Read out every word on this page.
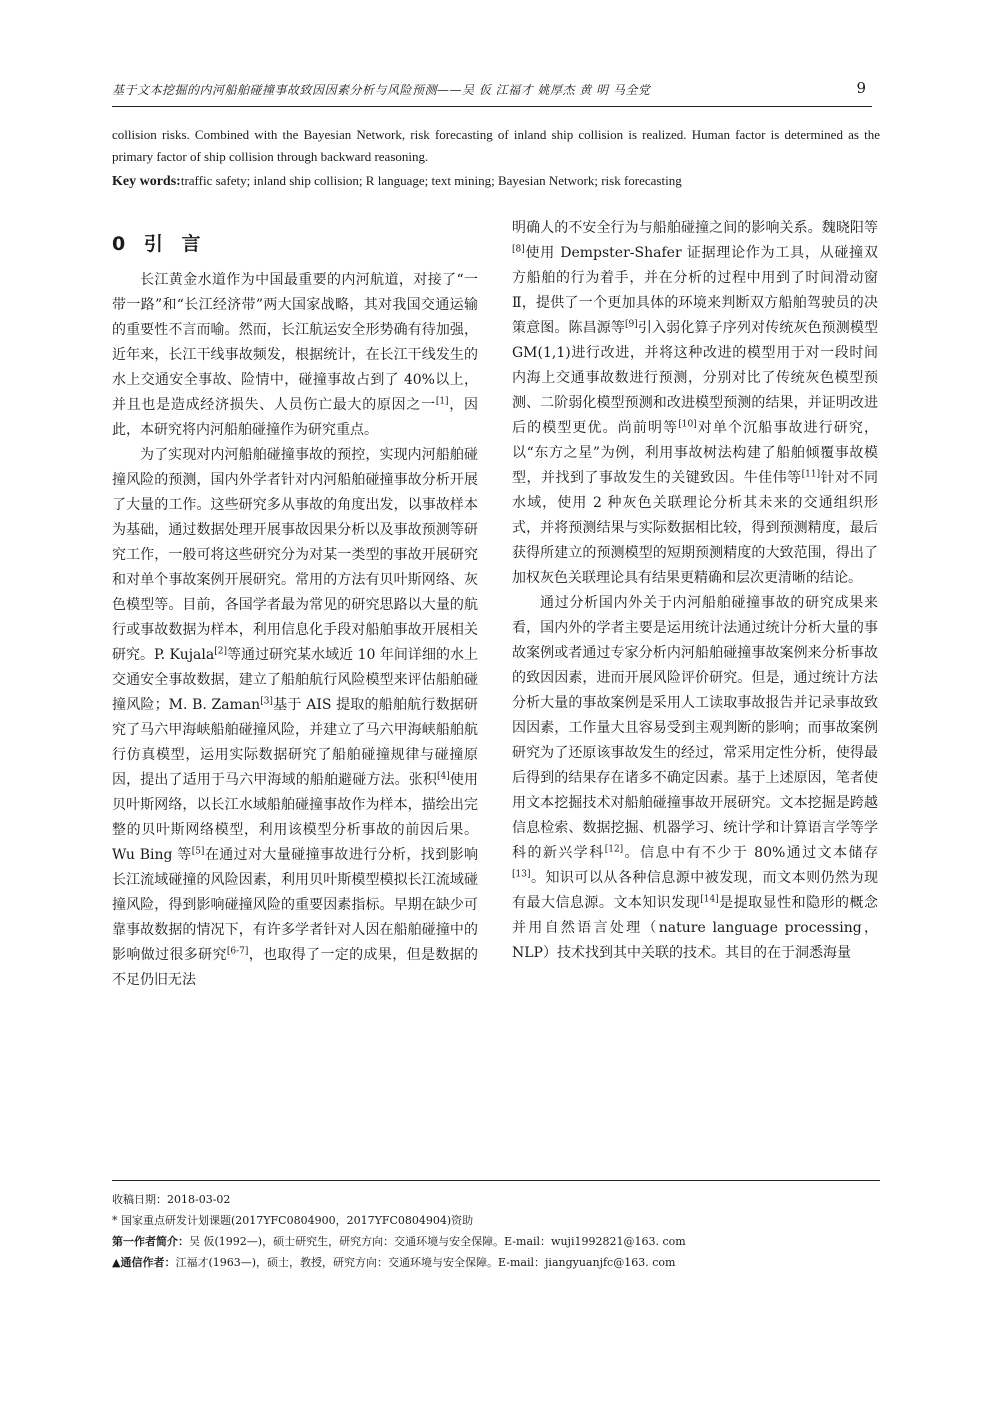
基于文本挖掘的内河船舶碰撞事故致因因素分析与风险预测——吴 仮 江福才 姚厚杰 黄 明 马全党	9
collision risks. Combined with the Bayesian Network, risk forecasting of inland ship collision is realized. Human factor is determined as the primary factor of ship collision through backward reasoning.
Key words:traffic safety; inland ship collision; R language; text mining; Bayesian Network; risk forecasting
0 引 言

长江黄金水道作为中国最重要的内河航道，对接了“一带一路”和“长江经济带”两大国家战略，其对我国交通运输的重要性不言而喻。然而，长江航运安全形势确有待加强，近年来，长江干线事故频发，根据统计，在长江干线发生的水上交通安全事故、险情中，碰撞事故占到了 40%以上，并且也是造成经济损失、人员伤亡最大的原因之一[1]，因此，本研究将内河船舶碰撞作为研究重点。

为了实现对内河船舶碰撞事故的预控，实现内河船舶碰撞风险的预测，国内外学者针对内河船舶碰撞事故分析开展了大量的工作。这些研究多从事故的角度出发，以事故样本为基础，通过数据处理开展事故因果分析以及事故预测等研究工作，一般可将这些研究分为对某一类型的事故开展研究和对单个事故案例开展研究。常用的方法有贝叶斯网络、灰色模型等。目前，各国学者最为常见的研究思路以大量的航行或事故数据为样本，利用信息化手段对船舶事故开展相关研究。P. Kujala[2]等通过研究某水域近 10 年间详细的水上交通安全事故数据，建立了船舶航行风险模型来评估船舶碰撞风险；M. B. Zaman[3]基于 AIS 提取的船舶航行数据研究了马六甲海峡船舶碰撞风险，并建立了马六甲海峡船舶航行仿真模型，运用实际数据研究了船舶碰撞规律与碰撞原因，提出了适用于马六甲海域的船舶避碰方法。张积[4]使用贝叶斯网络，以长江水域船舶碰撞事故作为样本，描绘出完整的贝叶斯网络模型，利用该模型分析事故的前因后果。Wu Bing 等[5]在通过对大量碰撞事故进行分析，找到影响长江流域碰撞的风险因素，利用贝叶斯模型模拟长江流域碰撞风险，得到影响碰撞风险的重要因素指标。早期在缺少可靠事故数据的情况下，有许多学者针对人因在船舶碰撞中的影响做过很多研究[6-7]，也取得了一定的成果，但是数据的不足仍旧无法

明确人的不安全行为与船舶碰撞之间的影响关系。魏晓阳等[8]使用 Dempster-Shafer 证据理论作为工具，从碰撞双方船舶的行为着手，并在分析的过程中用到了时间滑动窗Ⅱ，提供了一个更加具体的环境来判断双方船舶驾驶员的决策意图。陈昌源等[9]引入弱化算子序列对传统灰色预测模型GM(1,1)进行改进，并将这种改进的模型用于对一段时间内海上交通事故数进行预测，分别对比了传统灰色模型预测、二阶弱化模型预测和改进模型预测的结果，并证明改进后的模型更优。尚前明等[10]对单个沉船事故进行研究，以“东方之星”为例，利用事故树法构建了船舶倾覆事故模型，并找到了事故发生的关键致因。牛佳伟等[11]针对不同水域，使用 2 种灰色关联理论分析其未来的交通组织形式，并将预测结果与实际数据相比较，得到预测精度，最后获得所建立的预测模型的短期预测精度的大致范围，得出了加权灰色关联理论具有结果更精确和层次更清晰的结论。

通过分析国内外关于内河船舶碰撞事故的研究成果来看，国内外的学者主要是运用统计法通过统计分析大量的事故案例或者通过专家分析内河船舶碰撞事故案例来分析事故的致因因素，进而开展风险评价研究。但是，通过统计方法分析大量的事故案例是采用人工读取事故报告并记录事故致因因素，工作量大且容易受到主观判断的影响；而事故案例研究为了还原该事故发生的经过，常采用定性分析，使得最后得到的结果存在诸多不确定因素。基于上述原因，笔者使用文本挖掘技术对船舶碰撞事故开展研究。文本挖掘是跨越信息检索、数据挖掘、机器学习、统计学和计算语言学等学科的新兴学科[12]。信息中有不少于 80%通过文本储存[13]。知识可以从各种信息源中被发现，而文本则仍然为现有最大信息源。文本知识发现[14]是提取显性和隐形的概念并用自然语言处理（nature language processing，NLP）技术找到其中关联的技术。其目的在于洞悉海量

收稿日期：2018-03-02
* 国家重点研发计划课题(2017YFC0804900，2017YFC0804904)资助
第一作者简介：吴 仮(1992—)，硕士研究生，研究方向：交通环境与安全保障。E-mail：wuji1992821@163. com
▲通信作者：江福才(1963—)，硕士，教授，研究方向：交通环境与安全保障。E-mail：jiangyuanjfc@163. com
